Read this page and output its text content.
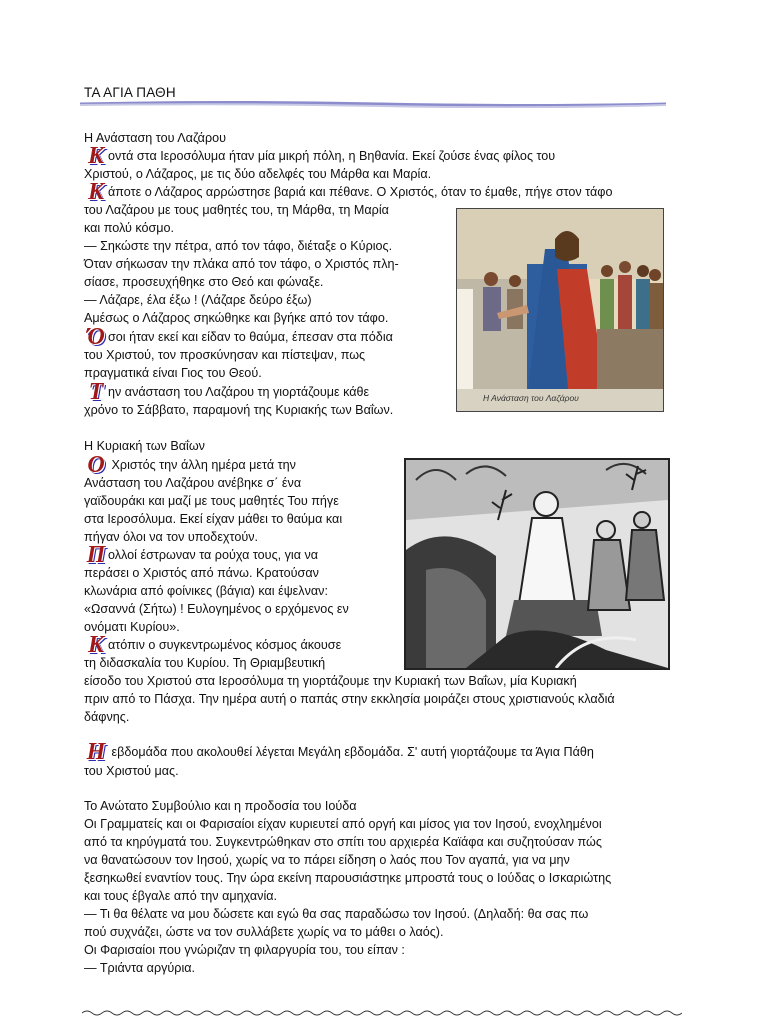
ΤΑ ΑΓΙΑ ΠΑΘΗ
Η Ανάσταση του Λαζάρου
Κοντά στα Ιεροσόλυμα ήταν μία μικρή πόλη, η Βηθανία. Εκεί ζούσε ένας φίλος του
Χριστού, ο Λάζαρος, με τις δύο αδελφές του Μάρθα και Μαρία.
Κάποτε ο Λάζαρος αρρώστησε βαριά και πέθανε. Ο Χριστός, όταν το έμαθε, πήγε στον τάφο
του Λαζάρου με τους μαθητές του, τη Μάρθα, τη Μαρία
και πολύ κόσμο.
— Σηκώστε την πέτρα, από τον τάφο, διέταξε ο Κύριος.
Όταν σήκωσαν την πλάκα από τον τάφο, ο Χριστός πλη-
σίασε, προσευχήθηκε στο Θεό και φώναξε.
— Λάζαρε, έλα έξω ! (Λάζαρε δεύρο έξω)
Αμέσως ο Λάζαρος σηκώθηκε και βγήκε από τον τάφο.
Όσοι ήταν εκεί και είδαν το θαύμα, έπεσαν στα πόδια
του Χριστού, τον προσκύνησαν και πίστεψαν, πως
πραγματικά είναι Γιος του Θεού.
Την ανάσταση του Λαζάρου τη γιορτάζουμε κάθε
χρόνο το Σάββατο, παραμονή της Κυριακής των Βαΐων.
Η Ανάσταση του Λαζάρου
Η Κυριακή των Βαΐων
Ο Χριστός την άλλη ημέρα μετά την
Ανάσταση του Λαζάρου ανέβηκε σ΄ ένα
γαϊδουράκι και μαζί με τους μαθητές Του πήγε
στα Ιεροσόλυμα. Εκεί είχαν μάθει το θαύμα και
πήγαν όλοι να τον υποδεχτούν.
Πολλοί έστρωναν τα ρούχα τους, για να
περάσει ο Χριστός από πάνω. Κρατούσαν
κλωνάρια από φοίνικες (βάγια) και έψελναν:
«Ωσαννά (Σήτω) ! Ευλογημένος ο ερχόμενος εν
ονόματι Κυρίου».
Κατόπιν ο συγκεντρωμένος κόσμος άκουσε
τη διδασκαλία του Κυρίου. Τη Θριαμβευτική
είσοδο του Χριστού στα Ιεροσόλυμα τη γιορτάζουμε την Κυριακή των Βαΐων, μία Κυριακή
πριν από το Πάσχα. Την ημέρα αυτή ο παπάς στην εκκλησία μοιράζει στους χριστιανούς κλαδιά
δάφνης.
Η εβδομάδα που ακολουθεί λέγεται Μεγάλη εβδομάδα. Σ' αυτή γιορτάζουμε τα Άγια Πάθη
του Χριστού μας.
Το Ανώτατο Συμβούλιο και η προδοσία του Ιούδα
Οι Γραμματείς και οι Φαρισαίοι είχαν κυριευτεί από οργή και μίσος για τον Ιησού, ενοχλημένοι
από τα κηρύγματά του. Συγκεντρώθηκαν στο σπίτι του αρχιερέα Καϊάφα και συζητούσαν πώς
να θανατώσουν τον Ιησού, χωρίς να το πάρει είδηση ο λαός που Τον αγαπά, για να μην
ξεσηκωθεί εναντίον τους. Την ώρα εκείνη παρουσιάστηκε μπροστά τους ο Ιούδας ο Ισκαριώτης
και τους έβγαλε από την αμηχανία.
— Τι θα θέλατε να μου δώσετε και εγώ θα σας παραδώσω τον Ιησού. (Δηλαδή: θα σας πω
πού συχνάζει, ώστε να τον συλλάβετε χωρίς να το μάθει ο λαός).
Οι Φαρισαίοι που γνώριζαν τη φιλαργυρία του, του είπαν :
— Τριάντα αργύρια.
